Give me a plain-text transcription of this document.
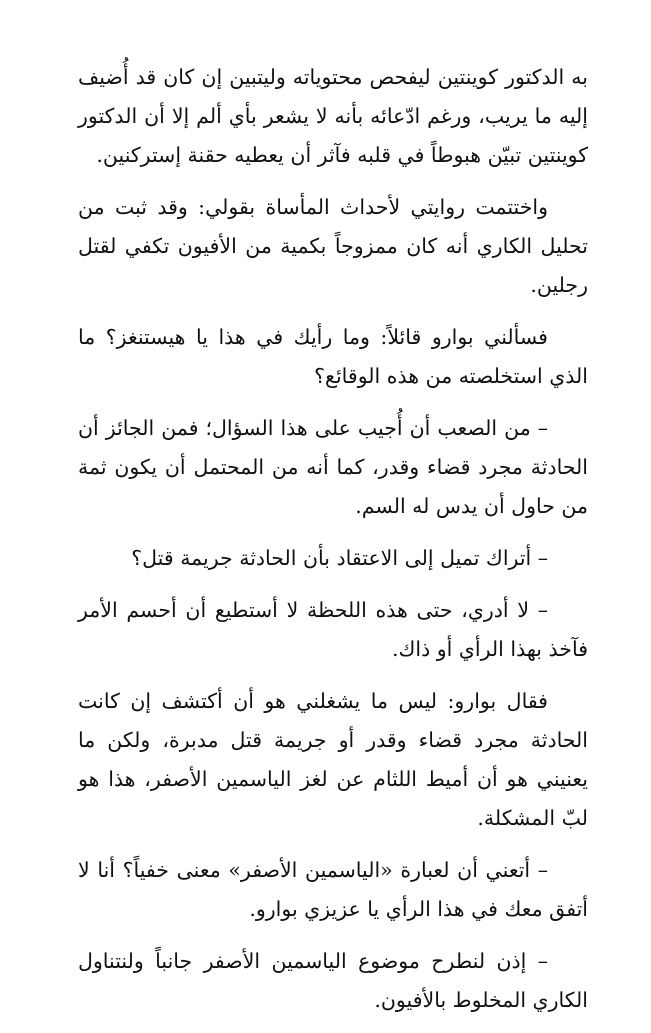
به الدكتور كوينتين ليفحص محتوياته وليتبين إن كان قد أُضيف إليه ما يريب، ورغم ادّعائه بأنه لا يشعر بأي ألم إلا أن الدكتور كوينتين تبيّن هبوطاً في قلبه فآثر أن يعطيه حقنة إستركنين.

واختتمت روايتي لأحداث المأساة بقولي: وقد ثبت من تحليل الكاري أنه كان ممزوجاً بكمية من الأفيون تكفي لقتل رجلين.

فسألني بوارو قائلاً: وما رأيك في هذا يا هيستنغز؟ ما الذي استخلصته من هذه الوقائع؟

– من الصعب أن أُجيب على هذا السؤال؛ فمن الجائز أن الحادثة مجرد قضاء وقدر، كما أنه من المحتمل أن يكون ثمة من حاول أن يدس له السم.

– أتراك تميل إلى الاعتقاد بأن الحادثة جريمة قتل؟

– لا أدري، حتى هذه اللحظة لا أستطيع أن أحسم الأمر فآخذ بهذا الرأي أو ذاك.

فقال بوارو: ليس ما يشغلني هو أن أكتشف إن كانت الحادثة مجرد قضاء وقدر أو جريمة قتل مدبرة، ولكن ما يعنيني هو أن أميط اللثام عن لغز الياسمين الأصفر، هذا هو لبّ المشكلة.

– أتعني أن لعبارة «الياسمين الأصفر» معنى خفياً؟ أنا لا أتفق معك في هذا الرأي يا عزيزي بوارو.

– إذن لنطرح موضوع الياسمين الأصفر جانباً ولنتناول الكاري المخلوط بالأفيون.
